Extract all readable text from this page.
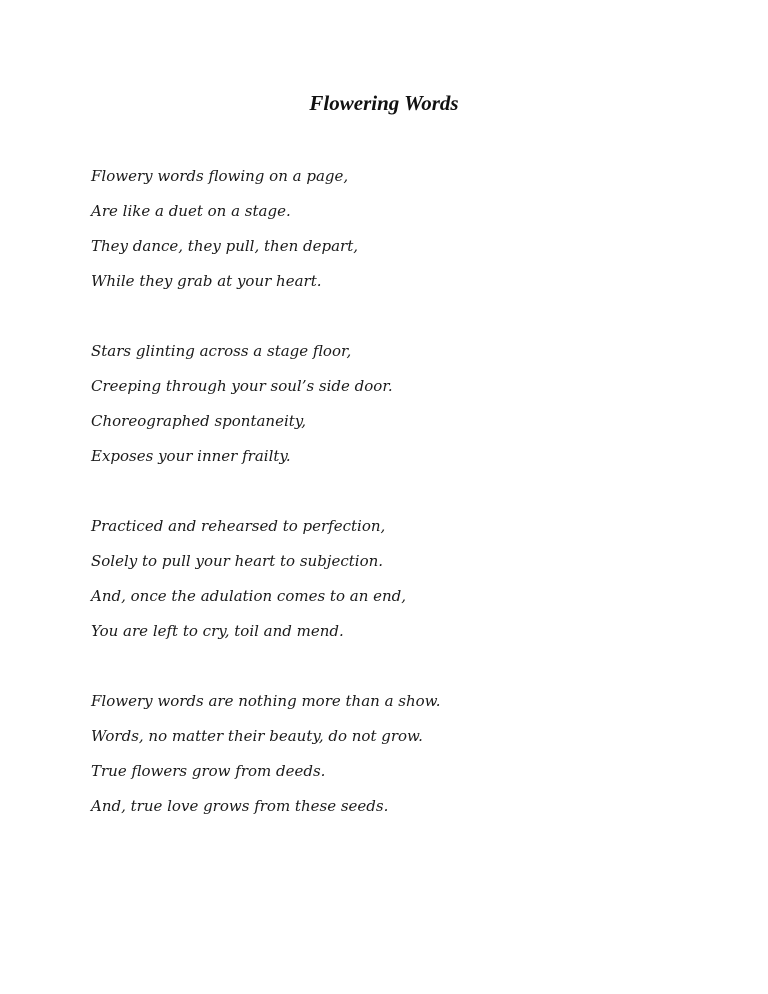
Flowering Words
Flowery words flowing on a page,
Are like a duet on a stage.
They dance, they pull, then depart,
While they grab at your heart.
Stars glinting across a stage floor,
Creeping through your soul’s side door.
Choreographed spontaneity,
Exposes your inner frailty.
Practiced and rehearsed to perfection,
Solely to pull your heart to subjection.
And, once the adulation comes to an end,
You are left to cry, toil and mend.
Flowery words are nothing more than a show.
Words, no matter their beauty, do not grow.
True flowers grow from deeds.
And, true love grows from these seeds.
